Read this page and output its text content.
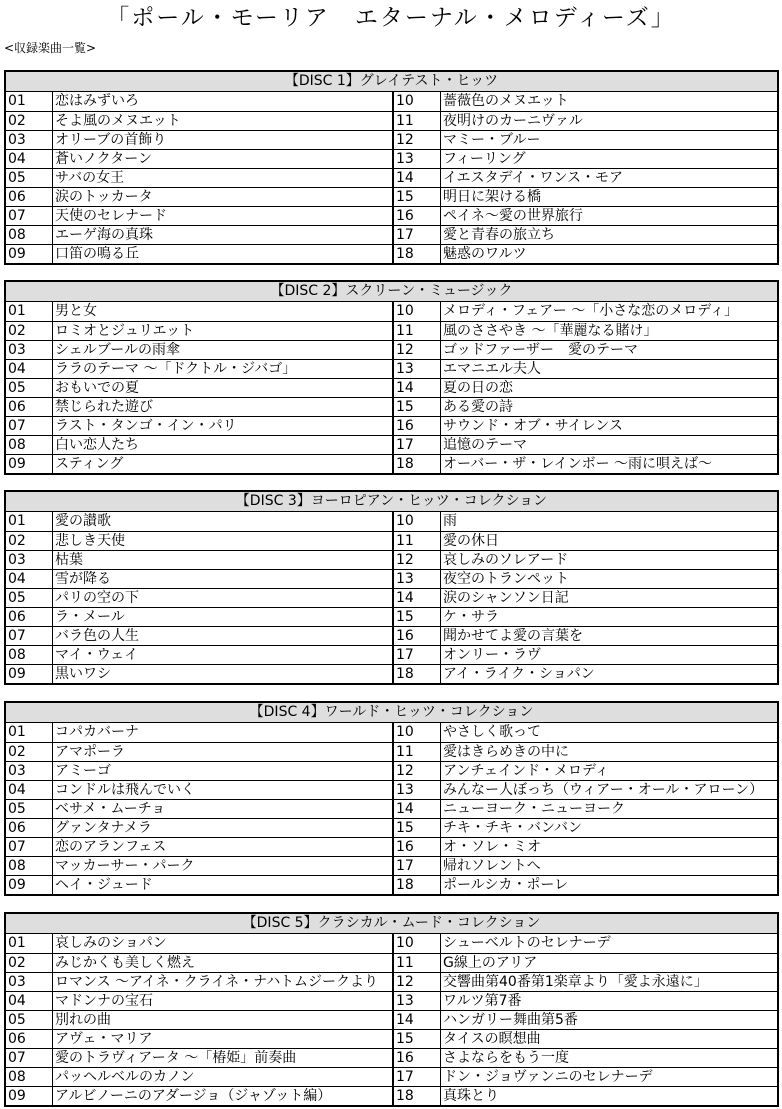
「ポール・モーリア　エターナル・メロディーズ」
<収録楽曲一覧>
【DISC 1】グレイテスト・ヒッツ
01	恋はみずいろ	10	薔薇色のメヌエット
02	そよ風のメヌエット	11	夜明けのカーニヴァル
03	オリーブの首飾り	12	マミー・ブルー
04	蒼いノクターン	13	フィーリング
05	サバの女王	14	イエスタデイ・ワンス・モア
06	涙のトッカータ	15	明日に架ける橋
07	天使のセレナード	16	ペイネ～愛の世界旅行
08	エーゲ海の真珠	17	愛と青春の旅立ち
09	口笛の鳴る丘	18	魅惑のワルツ
【DISC 2】スクリーン・ミュージック
01	男と女	10	メロディ・フェアー ～「小さな恋のメロディ」
02	ロミオとジュリエット	11	風のささやき ～「華麗なる賭け」
03	シェルブールの雨傘	12	ゴッドファーザー　愛のテーマ
04	ララのテーマ ～「ドクトル・ジバゴ」	13	エマニエル夫人
05	おもいでの夏	14	夏の日の恋
06	禁じられた遊び	15	ある愛の詩
07	ラスト・タンゴ・イン・パリ	16	サウンド・オブ・サイレンス
08	白い恋人たち	17	追憶のテーマ
09	スティング	18	オーバー・ザ・レインボー ～雨に唄えば～
【DISC 3】ヨーロピアン・ヒッツ・コレクション
01	愛の讃歌	10	雨
02	悲しき天使	11	愛の休日
03	枯葉	12	哀しみのソレアード
04	雪が降る	13	夜空のトランペット
05	パリの空の下	14	涙のシャンソン日記
06	ラ・メール	15	ケ・サラ
07	バラ色の人生	16	聞かせてよ愛の言葉を
08	マイ・ウェイ	17	オンリー・ラヴ
09	黒いワシ	18	アイ・ライク・ショパン
【DISC 4】ワールド・ヒッツ・コレクション
01	コパカバーナ	10	やさしく歌って
02	アマポーラ	11	愛はきらめきの中に
03	アミーゴ	12	アンチェインド・メロディ
04	コンドルは飛んでいく	13	みんなー人ぼっち（ウィアー・オール・アローン）
05	ベサメ・ムーチョ	14	ニューヨーク・ニューヨーク
06	グァンタナメラ	15	チキ・チキ・バンバン
07	恋のアランフェス	16	オ・ソレ・ミオ
08	マッカーサー・パーク	17	帰れソレントへ
09	ヘイ・ジュード	18	ポールシカ・ポーレ
【DISC 5】クラシカル・ムード・コレクション
01	哀しみのショパン	10	シューベルトのセレナーデ
02	みじかくも美しく燃え	11	G線上のアリア
03	ロマンス ～アイネ・クライネ・ナハトムジークより	12	交響曲第40番第1楽章より「愛よ永遠に」
04	マドンナの宝石	13	ワルツ第7番
05	別れの曲	14	ハンガリー舞曲第5番
06	アヴェ・マリア	15	タイスの瞑想曲
07	愛のトラヴィアータ ～「椿姫」前奏曲	16	さよならをもう一度
08	パッヘルベルのカノン	17	ドン・ジョヴァンニのセレナーデ
09	アルビノーニのアダージョ（ジャゾット編）	18	真珠とり
